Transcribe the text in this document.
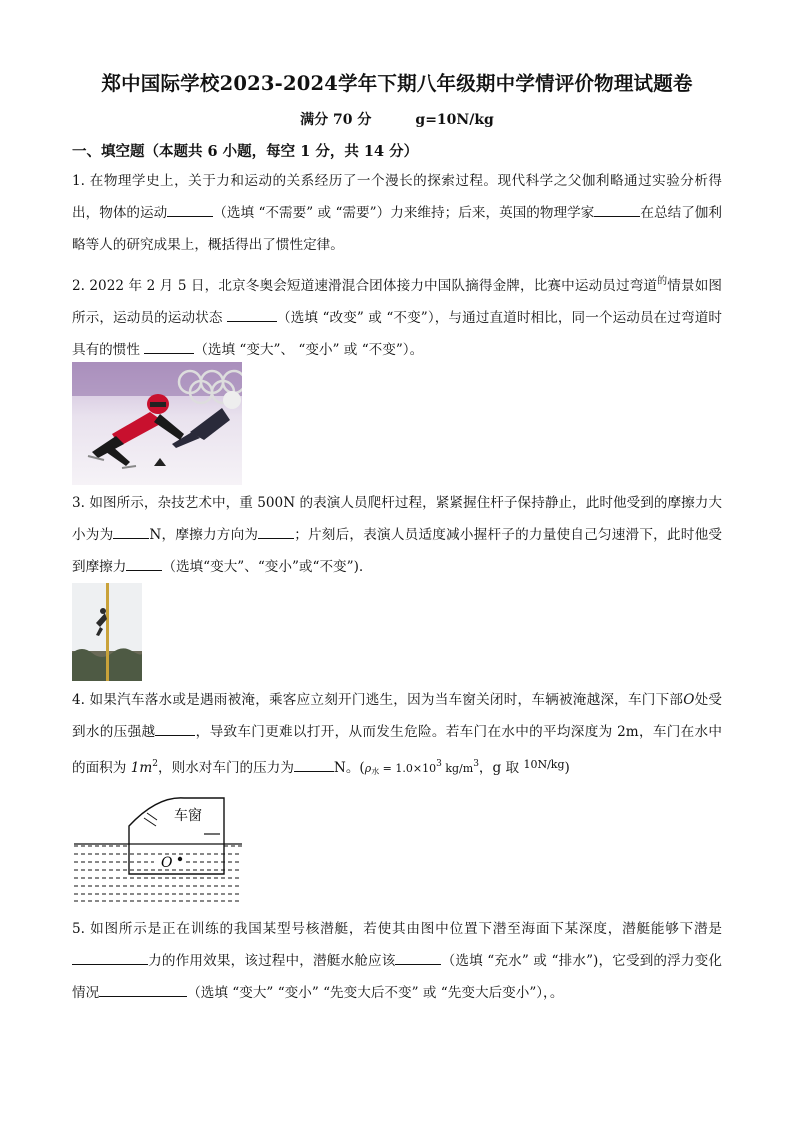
郑中国际学校2023-2024学年下期八年级期中学情评价物理试题卷
满分 70 分	g=10N/kg
一、填空题（本题共 6 小题，每空 1 分，共 14 分）
1. 在物理学史上，关于力和运动的关系经历了一个漫长的探索过程。现代科学之父伽利略通过实验分析得出，物体的运动	（选填 “不需要” 或 “需要”）力来维持；后来，英国的物理学家	在总结了伽利略等人的研究成果上，概括得出了惯性定律。
2. 2022 年 2 月 5 日，北京冬奥会短道速滑混合团体接力中国队摘得金牌，比赛中运动员过弯道$^的$情景如图所示，运动员的运动状态	（选填 “改变” 或 “不变”），与通过直道时相比，同一个运动员在过弯道时具有的惯性	（选填 “变大”、 “变小” 或 “不变”）。
3. 如图所示，杂技艺术中，重 500N 的表演人员爬杆过程，紧紧握住杆子保持静止，此时他受到的摩擦力大小为为	N，摩擦力方向为	；片刻后，表演人员适度减小握杆子的力量使自己匀速滑下，此时他受到摩擦力	（选填“变大”、“变小”或“不变”).
4. 如果汽车落水或是遇雨被淹，乘客应立刻开门逃生，因为当车窗关闭时，车辆被淹越深，车门下部O处受到水的压强越	，导致车门更难以打开，从而发生危险。若车门在水中的平均深度为 2m，车门在水中的面积为 $1m^2$，则水对车门的压力为	N。(ρ水 = $1.0\times 10^3$ $kg/m^3$，g 取 $^{10N/kg}$)
车窗
O
5. 如图所示是正在训练的我国某型号核潜艇，若使其由图中位置下潜至海面下某深度，潜艇能够下潜是力的作用效果，该过程中，潜艇水舱应该	（选填 “充水” 或 “排水”)，它受到的浮力变化情况	（选填 “变大” “变小” “先变大后不变” 或 “先变大后变小”），。
